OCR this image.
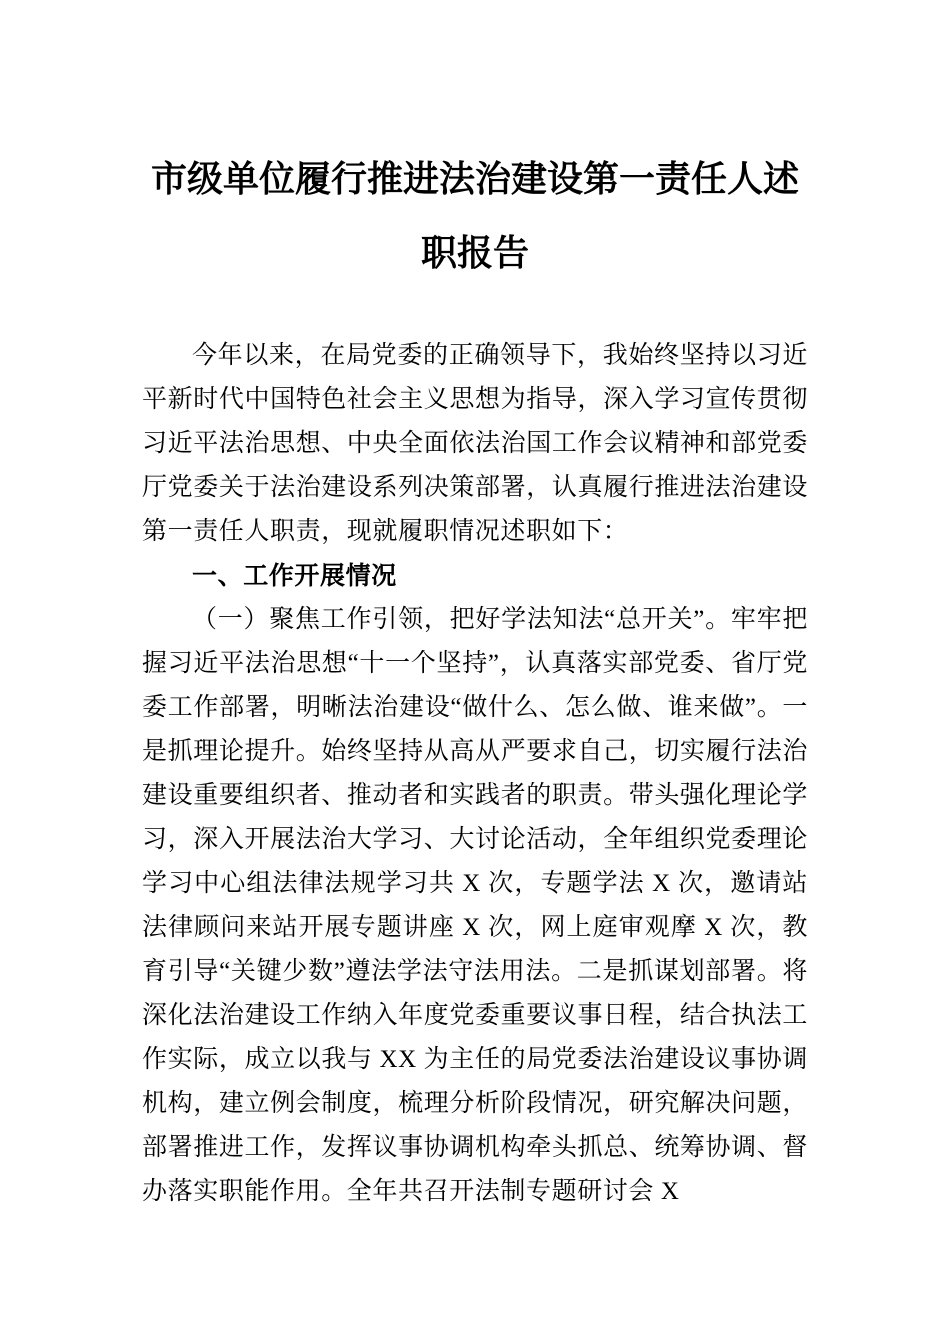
市级单位履行推进法治建设第一责任人述职报告

今年以来，在局党委的正确领导下，我始终坚持以习近平新时代中国特色社会主义思想为指导，深入学习宣传贯彻习近平法治思想、中央全面依法治国工作会议精神和部党委厅党委关于法治建设系列决策部署，认真履行推进法治建设第一责任人职责，现就履职情况述职如下：

一、工作开展情况

（一）聚焦工作引领，把好学法知法“总开关”。牢牢把握习近平法治思想“十一个坚持”，认真落实部党委、省厅党委工作部署，明晰法治建设“做什么、怎么做、谁来做”。一是抓理论提升。始终坚持从高从严要求自己，切实履行法治建设重要组织者、推动者和实践者的职责。带头强化理论学习，深入开展法治大学习、大讨论活动，全年组织党委理论学习中心组法律法规学习共 X 次，专题学法 X 次，邀请站法律顾问来站开展专题讲座 X 次，网上庭审观摩 X 次，教育引导“关键少数”遵法学法守法用法。二是抓谋划部署。将深化法治建设工作纳入年度党委重要议事日程，结合执法工作实际，成立以我与 XX 为主任的局党委法治建设议事协调机构，建立例会制度，梳理分析阶段情况，研究解决问题，部署推进工作，发挥议事协调机构牵头抓总、统筹协调、督办落实职能作用。全年共召开法制专题研讨会 X
